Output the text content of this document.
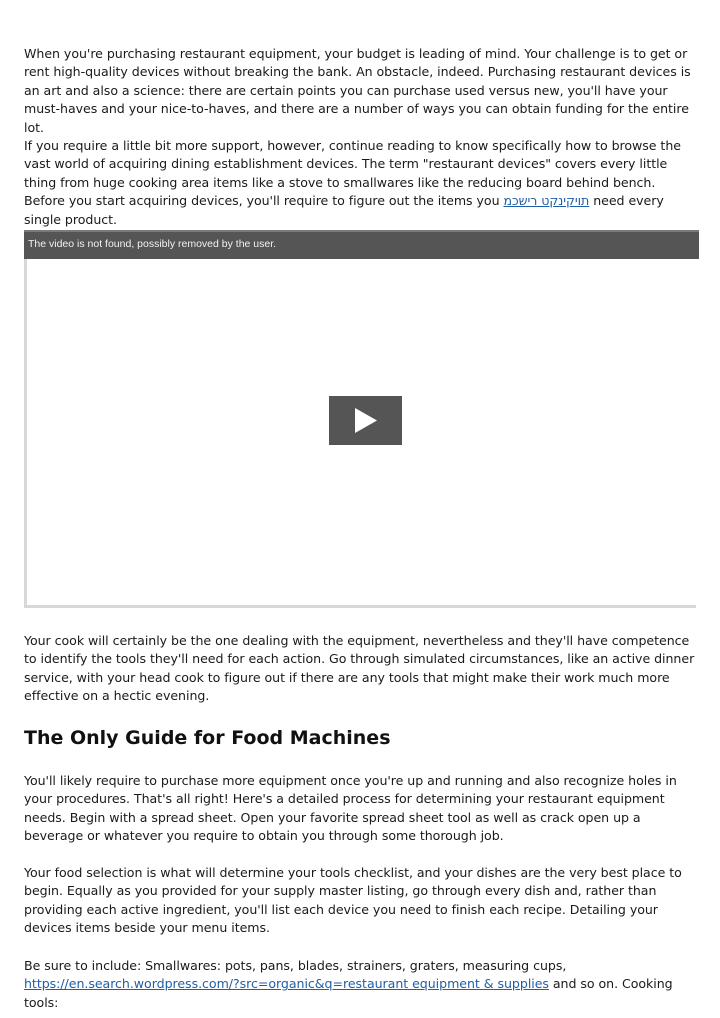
When you're purchasing restaurant equipment, your budget is leading of mind. Your challenge is to get or rent high-quality devices without breaking the bank. An obstacle, indeed. Purchasing restaurant devices is an art and also a science: there are certain points you can purchase used versus new, you'll have your must-haves and your nice-to-haves, and there are a number of ways you can obtain funding for the entire lot.

If you require a little bit more support, however, continue reading to know specifically how to browse the vast world of acquiring dining establishment devices. The term "restaurant devices" covers every little thing from huge cooking area items like a stove to smallwares like the reducing board behind bench. Before you start acquiring devices, you'll require to figure out the items you תויקינקט רישכמ need every single product.

The video is not found, possibly removed by the user.

Your cook will certainly be the one dealing with the equipment, nevertheless and they'll have competence to identify the tools they'll need for each action. Go through simulated circumstances, like an active dinner service, with your head cook to figure out if there are any tools that might make their work much more effective on a hectic evening.

The Only Guide for Food Machines

You'll likely require to purchase more equipment once you're up and running and also recognize holes in your procedures. That's all right! Here's a detailed process for determining your restaurant equipment needs. Begin with a spread sheet. Open your favorite spread sheet tool as well as crack open up a beverage or whatever you require to obtain you through some thorough job.

Your food selection is what will determine your tools checklist, and your dishes are the very best place to begin. Equally as you provided for your supply master listing, go through every dish and, rather than providing each active ingredient, you'll list each device you need to finish each recipe. Detailing your devices items beside your menu items.

Be sure to include: Smallwares: pots, pans, blades, strainers, graters, measuring cups, https://en.search.wordpress.com/?src=organic&q=restaurant equipment & supplies and so on. Cooking tools:
